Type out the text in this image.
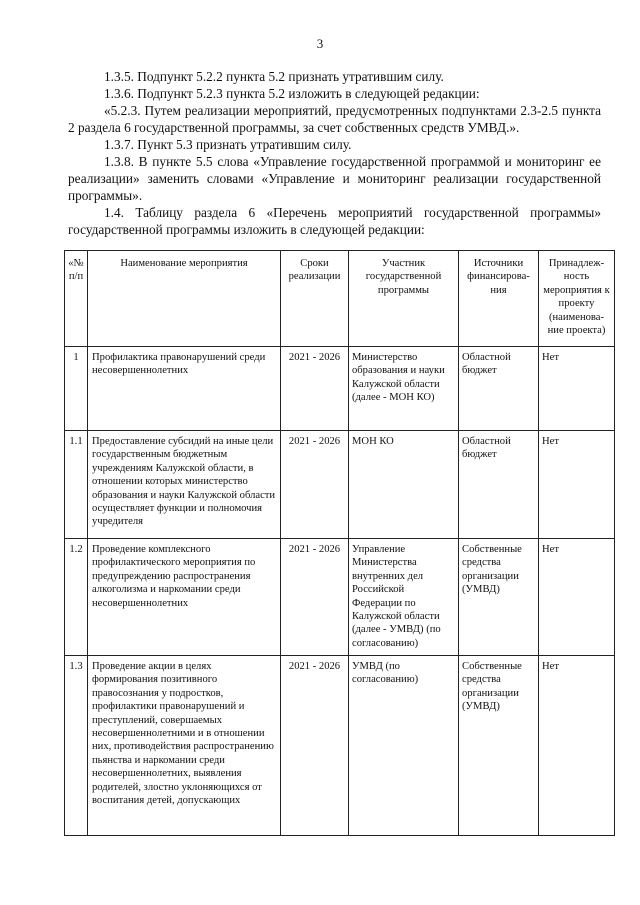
3

1.3.5. Подпункт 5.2.2 пункта 5.2 признать утратившим силу.

1.3.6. Подпункт 5.2.3 пункта 5.2 изложить в следующей редакции:

«5.2.3. Путем реализации мероприятий, предусмотренных подпунктами 2.3-2.5 пункта 2 раздела 6 государственной программы, за счет собственных средств УМВД.».

1.3.7. Пункт 5.3 признать утратившим силу.

1.3.8. В пункте 5.5 слова «Управление государственной программой и мониторинг ее реализации» заменить словами «Управление и мониторинг реализации государственной программы».

1.4. Таблицу раздела 6 «Перечень мероприятий государственной программы» государственной программы изложить в следующей редакции:

«№ п/п	Наименование мероприятия	Сроки реализации	Участник государственной программы	Источники финансирова-ния	Принадлеж-ность мероприятия к проекту (наименова-ние проекта)
1	Профилактика правонарушений среди несовершеннолетних	2021 - 2026	Министерство образования и науки Калужской области (далее - МОН КО)	Областной бюджет	Нет
1.1	Предоставление субсидий на иные цели государственным бюджетным учреждениям Калужской области, в отношении которых министерство образования и науки Калужской области осуществляет функции и полномочия учредителя	2021 - 2026	МОН КО	Областной бюджет	Нет
1.2	Проведение комплексного профилактического мероприятия по предупреждению распространения алкоголизма и наркомании среди несовершеннолетних	2021 - 2026	Управление Министерства внутренних дел Российской Федерации по Калужской области (далее - УМВД) (по согласованию)	Собственные средства организации (УМВД)	Нет
1.3	Проведение акции в целях формирования позитивного правосознания у подростков, профилактики правонарушений и преступлений, совершаемых несовершеннолетними и в отношении них, противодействия распространению пьянства и наркомании среди несовершеннолетних, выявления родителей, злостно уклоняющихся от воспитания детей, допускающих	2021 - 2026	УМВД (по согласованию)	Собственные средства организации (УМВД)	Нет
